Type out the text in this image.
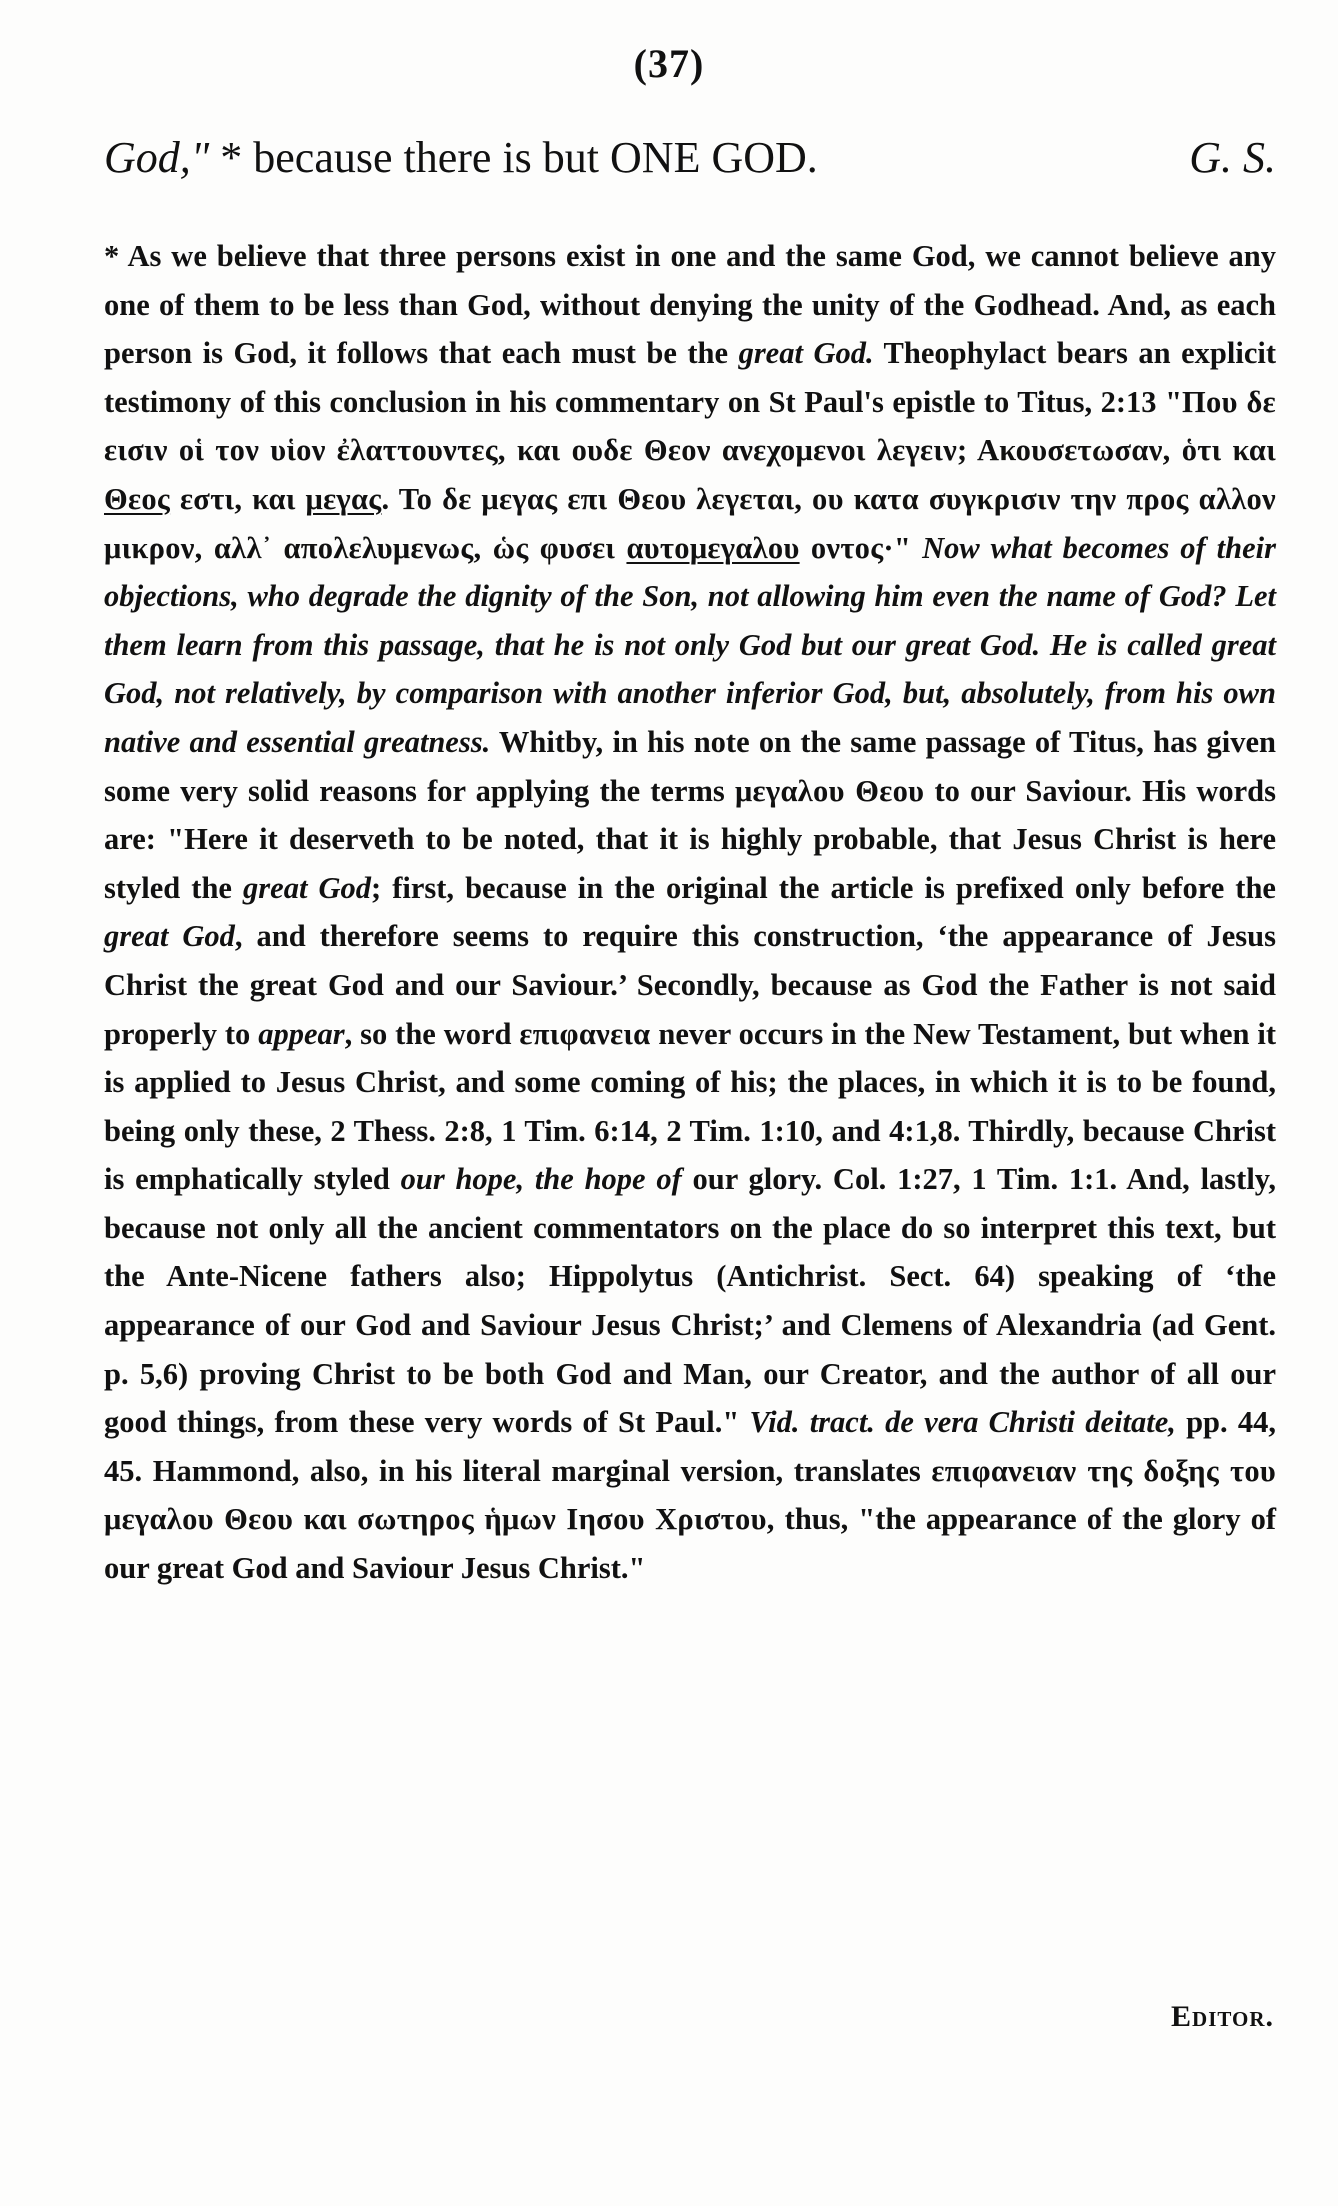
(37)
God," * because there is but ONE GOD.	G. S.
* As we believe that three persons exist in one and the same God, we cannot believe any one of them to be less than God, without denying the unity of the Godhead. And, as each person is God, it follows that each must be the great God. Theophylact bears an explicit testimony of this conclusion in his commentary on St Paul's epistle to Titus, 2:13 "Που δε εισιν οἱ τον υἱον ἐλαττουντες, και ουδε Θεον ανεχομενοι λεγειν; Ακουσετωσαν, ὁτι και Θεος εστι, και μεγας. Το δε μεγας επι Θεου λεγεται, ου κατα συγκρισιν την προς αλλον μικρον, αλλ᾿ απολελυμενως, ὡς φυσει αυτομεγαλου οντος·" Now what becomes of their objections, who degrade the dignity of the Son, not allowing him even the name of God? Let them learn from this passage, that he is not only God but our great God. He is called great God, not relatively, by comparison with another inferior God, but, absolutely, from his own native and essential greatness. Whitby, in his note on the same passage of Titus, has given some very solid reasons for applying the terms μεγαλου Θεου to our Saviour. His words are: "Here it deserveth to be noted, that it is highly probable, that Jesus Christ is here styled the great God; first, because in the original the article is prefixed only before the great God, and therefore seems to require this construction, ‘the appearance of Jesus Christ the great God and our Saviour.’ Secondly, because as God the Father is not said properly to appear, so the word επιφανεια never occurs in the New Testament, but when it is applied to Jesus Christ, and some coming of his; the places, in which it is to be found, being only these, 2 Thess. 2:8, 1 Tim. 6:14, 2 Tim. 1:10, and 4:1,8. Thirdly, because Christ is emphatically styled our hope, the hope of our glory. Col. 1:27, 1 Tim. 1:1. And, lastly, because not only all the ancient commentators on the place do so interpret this text, but the Ante-Nicene fathers also; Hippolytus (Antichrist. Sect. 64) speaking of ‘the appearance of our God and Saviour Jesus Christ;’ and Clemens of Alexandria (ad Gent. p. 5,6) proving Christ to be both God and Man, our Creator, and the author of all our good things, from these very words of St Paul." Vid. tract. de vera Christi deitate, pp. 44, 45. Hammond, also, in his literal marginal version, translates επιφανειαν της δοξης του μεγαλου Θεου και σωτηρος ἡμων Ιησου Χριστου, thus, "the appearance of the glory of our great God and Saviour Jesus Christ."
Editor.
